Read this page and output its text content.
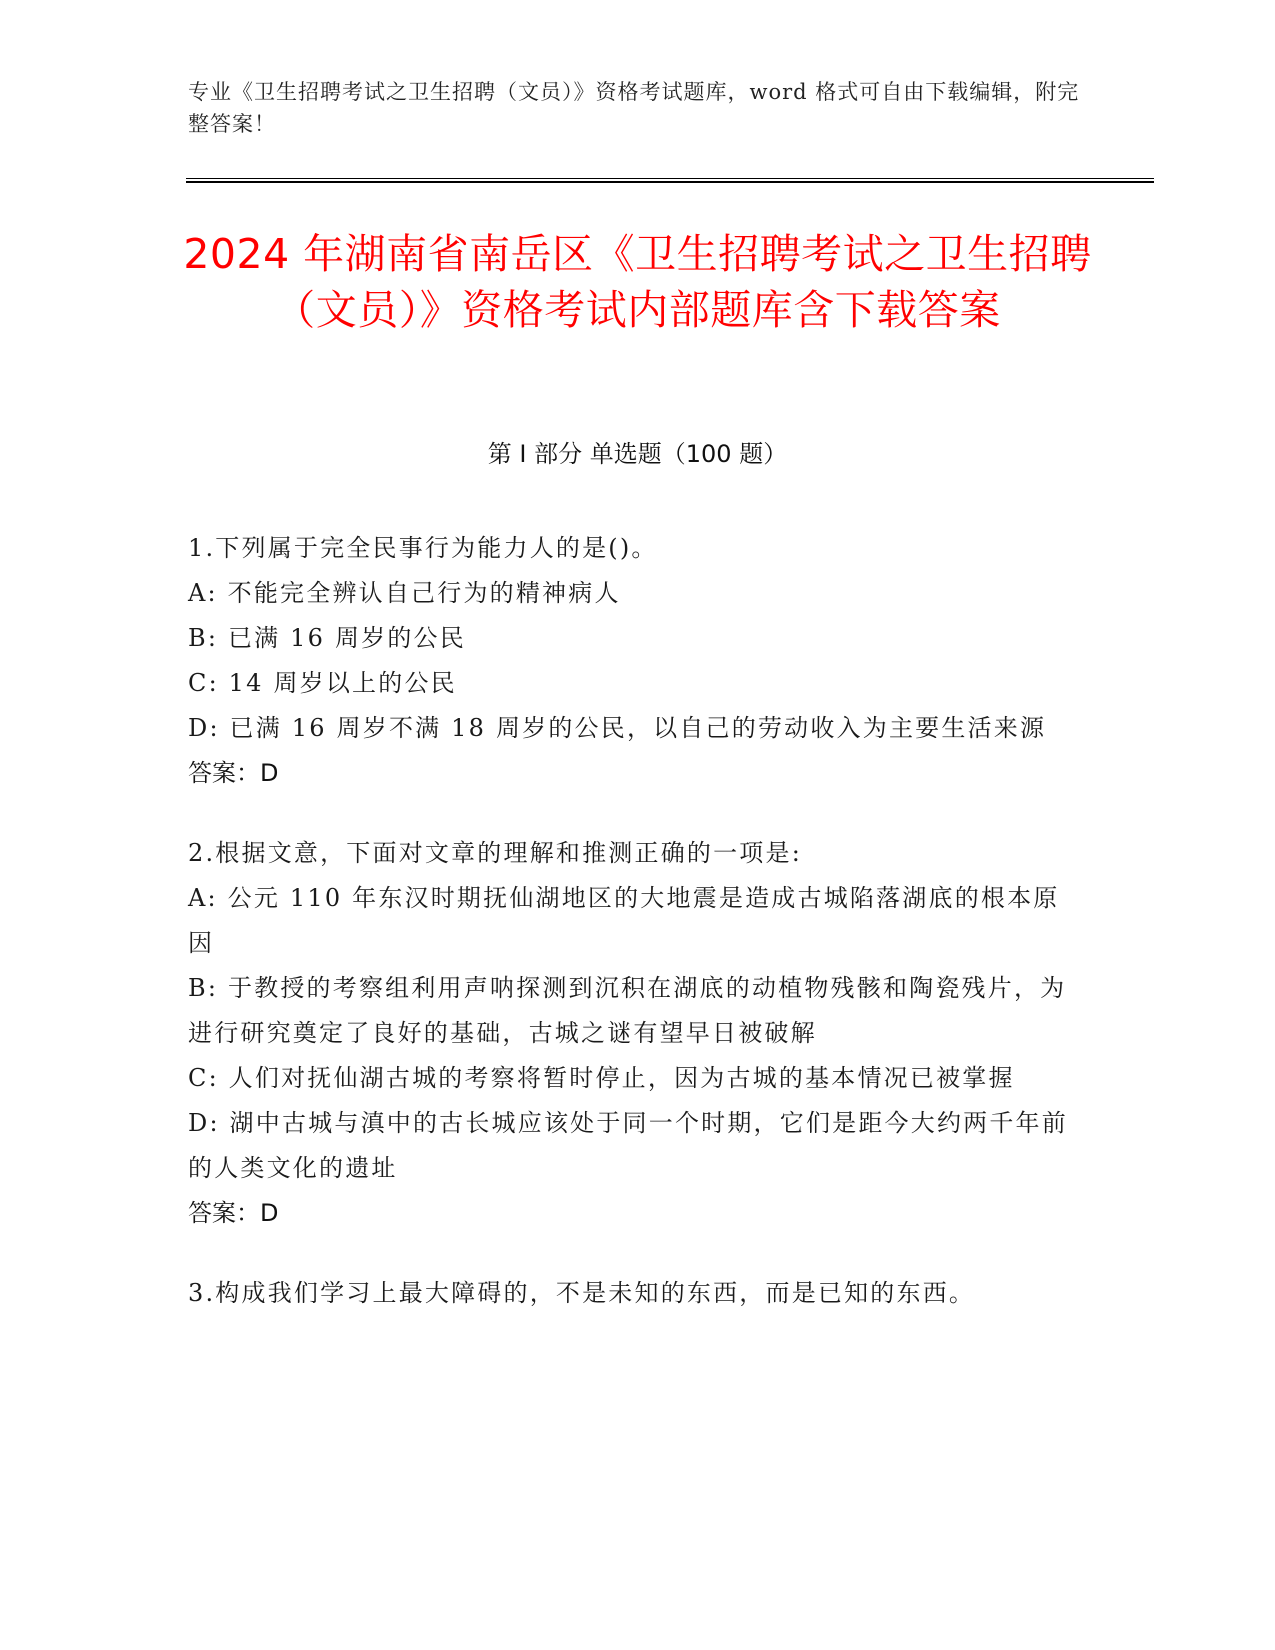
专业《卫生招聘考试之卫生招聘（文员）》资格考试题库，word 格式可自由下载编辑，附完整答案！
2024 年湖南省南岳区《卫生招聘考试之卫生招聘（文员）》资格考试内部题库含下载答案
第 I 部分 单选题（100 题）
1.下列属于完全民事行为能力人的是()。
A: 不能完全辨认自己行为的精神病人
B: 已满 16 周岁的公民
C: 14 周岁以上的公民
D: 已满 16 周岁不满 18 周岁的公民，以自己的劳动收入为主要生活来源
答案：D
2.根据文意，下面对文章的理解和推测正确的一项是:
A: 公元 110 年东汉时期抚仙湖地区的大地震是造成古城陷落湖底的根本原因
B: 于教授的考察组利用声呐探测到沉积在湖底的动植物残骸和陶瓷残片，为进行研究奠定了良好的基础，古城之谜有望早日被破解
C: 人们对抚仙湖古城的考察将暂时停止，因为古城的基本情况已被掌握
D: 湖中古城与滇中的古长城应该处于同一个时期，它们是距今大约两千年前的人类文化的遗址
答案：D
3.构成我们学习上最大障碍的，不是未知的东西，而是已知的东西。
